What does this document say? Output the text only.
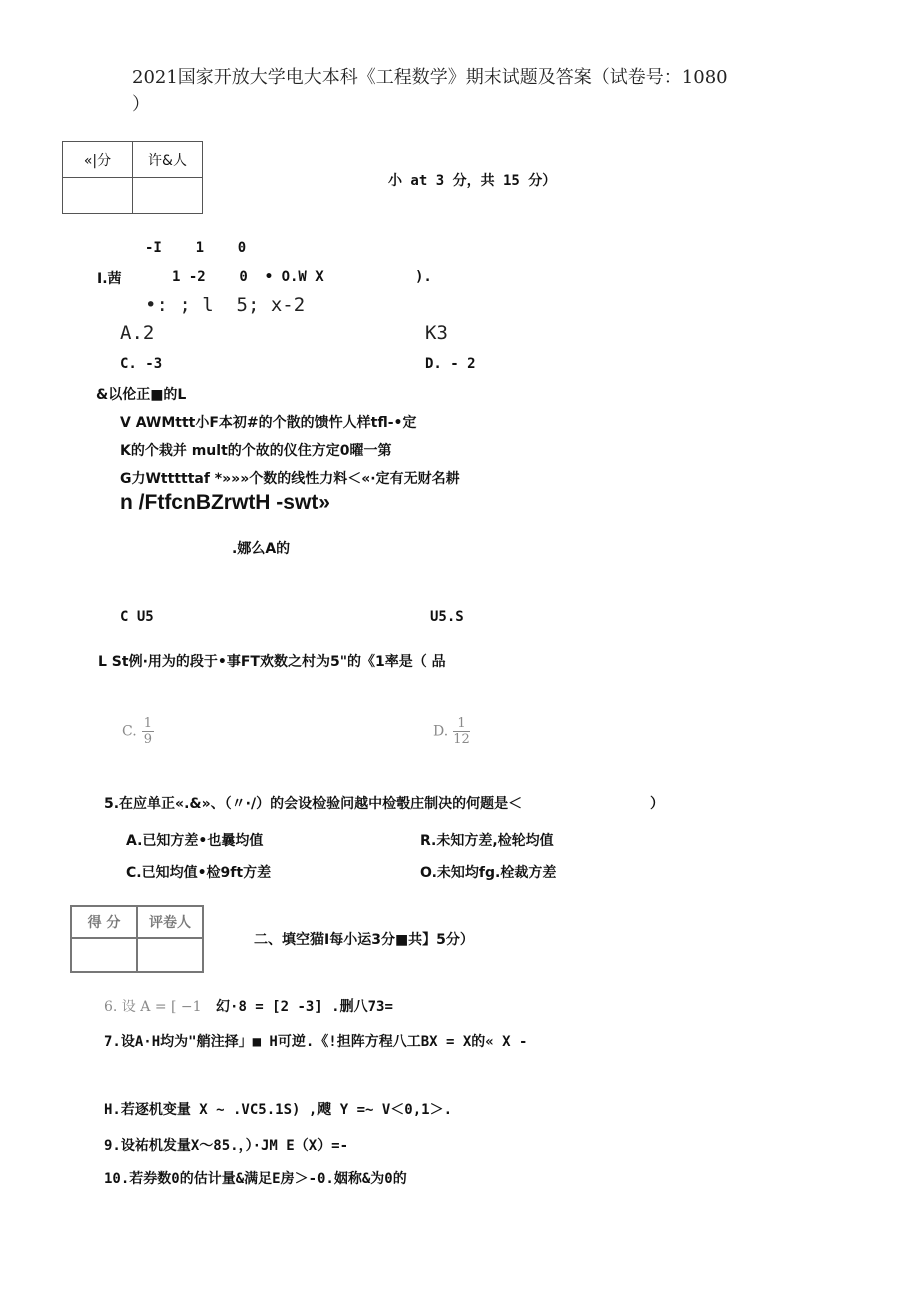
2021国家开放大学电大本科《工程数学》期末试题及答案（试卷号：1080
）
«|分	许&人

小 at 3 分，共 15 分）
-I    1    0
I.茜	1 -2    0  • O.W X	).
•: ; l  5; x-2
A.2	K3
C. -3	D. - 2
&以伦正■的L
V AWMttt小F本初#的个散的馈忤人样tfl-•定
K的个栽并 mult的个故的仪住方定0曜一第
G力Wtttttaf *»»»个数的线性力料＜«·定有无财名耕
n /FtfcnBZrwtH -swt»
.娜么A的
C U5	U5.S
L St例·用为的段于•事FT欢数之村为5"的《1率是（ 品
C. $\frac{1}{9}$	D. $\frac{1}{12}$
5.在应单正«.&»、（〃·/）的会设检验问越中检彀庄制决的何题是＜	）
A.已知方差•也曩均值	R.未知方差,检轮均值
C.已知均值•检9ft方差	O.未知均fg.栓裁方差
得 分	评卷人

二、填空猫I每小运3分■共】5分）
6. 设 A = [ −1 幻·8 = [2 -3] .删八73=
7.设A·H均为"艄注择」■ H可逆.《!担阵方程八工BX = X的« X -
H.若逐机变量 X ~ .VC5.1S) ,飕 Y =~ V＜0,1＞.
9.设祐机发量X～85.，）·JM E（X）=-
10.若券数0的估计量&满足E房＞-0.姻称&为0的
